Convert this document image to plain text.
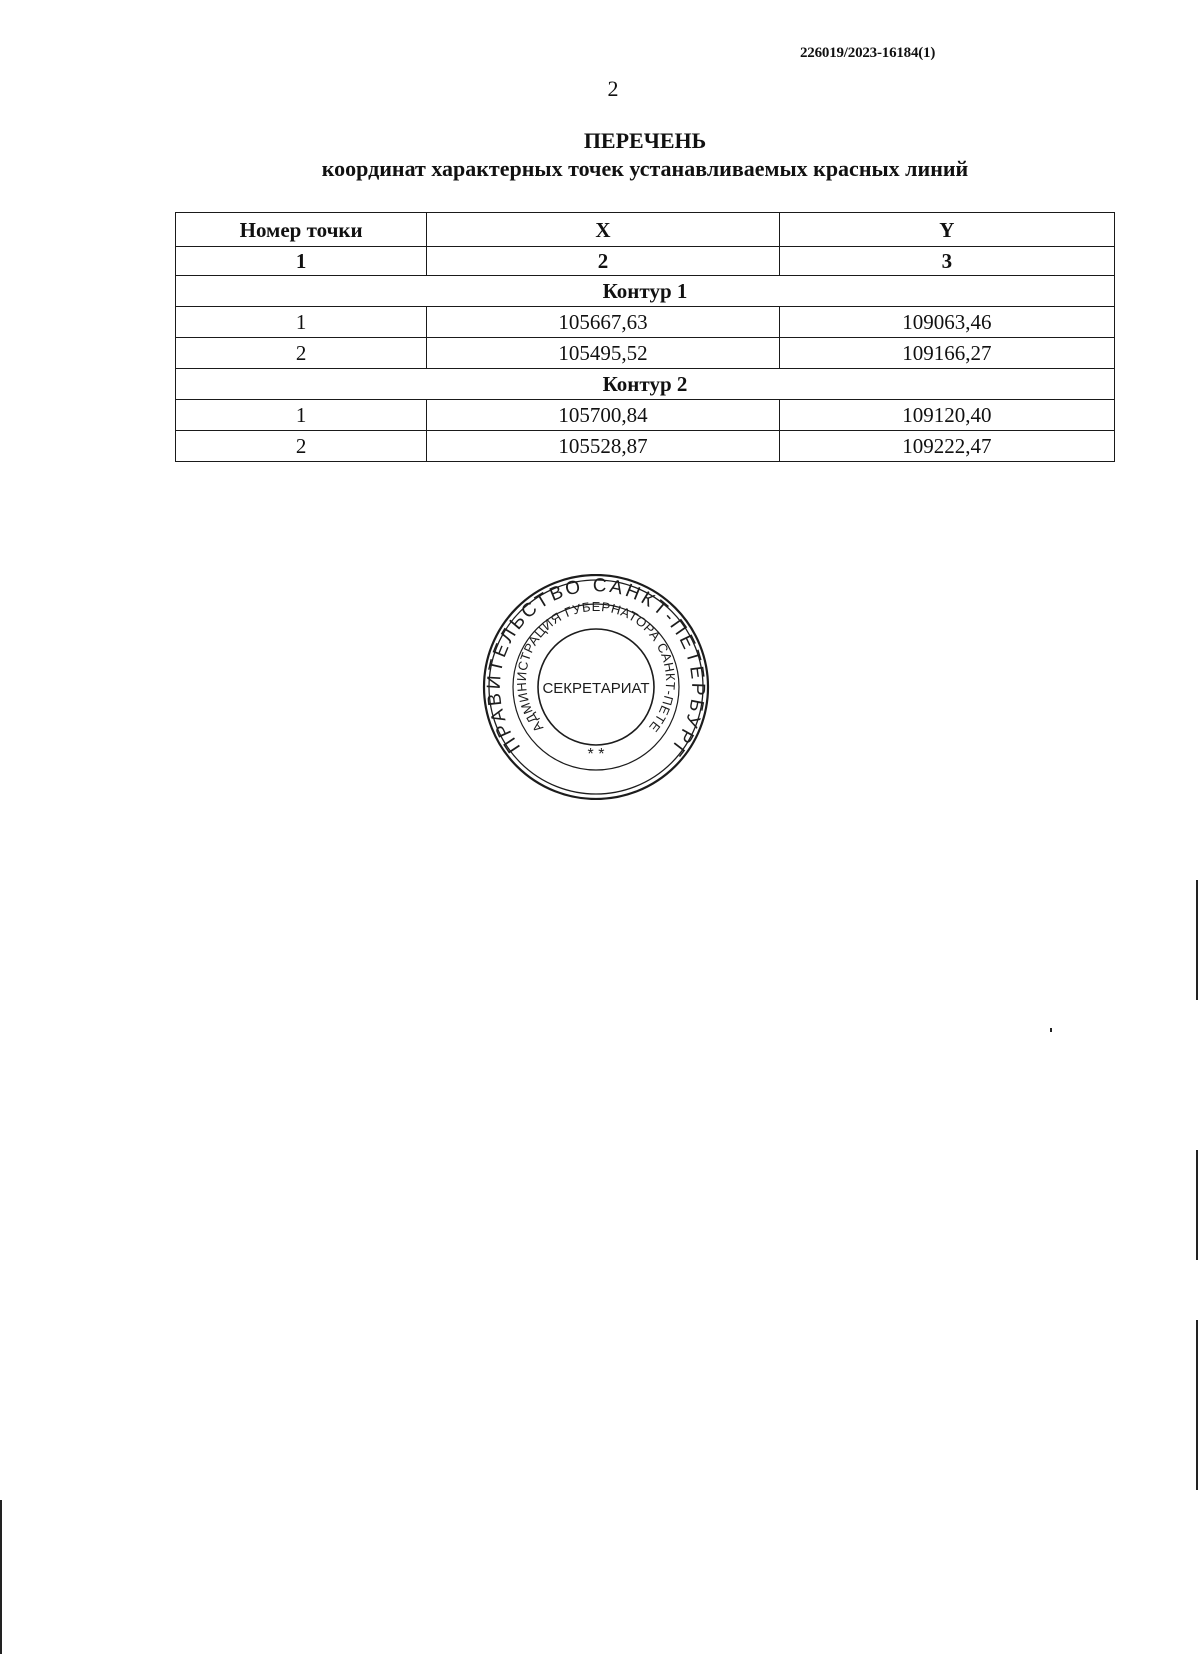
226019/2023-16184(1)
2
ПЕРЕЧЕНЬ
координат характерных точек устанавливаемых красных линий
Номер точки	X	Y
1	2	3
Контур 1		
1	105667,63	109063,46
2	105495,52	109166,27
Контур 2		
1	105700,84	109120,40
2	105528,87	109222,47
ПРАВИТЕЛЬСТВО САНКТ-ПЕТЕРБУРГ
АДМИНИСТРАЦИЯ ГУБЕРНАТОРА САНКТ-ПЕТЕ
СЕКРЕТАРИАТ
* *
